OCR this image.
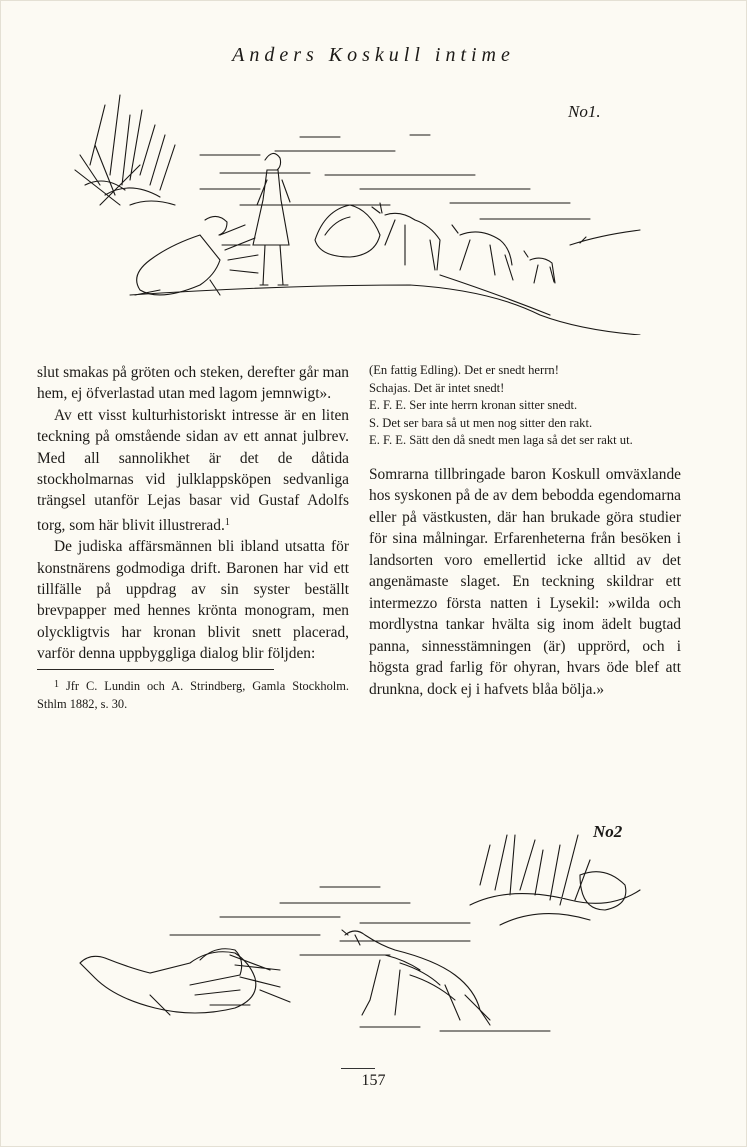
Anders Koskull intime
No1.

slut smakas på gröten och steken, derefter går man hem, ej öfverlastad utan med lagom jemnwigt».

Av ett visst kulturhistoriskt intresse är en liten teckning på omstående sidan av ett annat julbrev. Med all sannolikhet är det de dåtida stockholmarnas vid julklappsköpen sedvanliga trängsel utanför Lejas basar vid Gustaf Adolfs torg, som här blivit illustrerad.$^1$

De judiska affärsmännen bli ibland utsatta för konstnärens godmodiga drift. Baronen har vid ett tillfälle på uppdrag av sin syster beställt brevpapper med hennes krönta monogram, men olyckligtvis har kronan blivit snett placerad, varför denna uppbyggliga dialog blir följden:

$^1$ Jfr C. Lundin och A. Strindberg, Gamla Stockholm. Sthlm 1882, s. 30.

(En fattig Edling). Det er snedt herrn!

Schajas. Det är intet snedt!

E. F. E. Ser inte herrn kronan sitter snedt.

S. Det ser bara så ut men nog sitter den rakt.

E. F. E. Sätt den då snedt men laga så det ser rakt ut.

Somrarna tillbringade baron Koskull omväxlande hos syskonen på de av dem bebodda egendomarna eller på västkusten, där han brukade göra studier för sina målningar. Erfarenheterna från besöken i landsorten voro emellertid icke alltid av det angenämaste slaget. En teckning skildrar ett intermezzo första natten i Lysekil: »wilda och mordlystna tankar hvälta sig inom ädelt bugtad panna, sinnesstämningen (är) upprörd, och i högsta grad farlig för ohyran, hvars öde blef att drunkna, dock ej i hafvets blåa bölja.»

No2
157
